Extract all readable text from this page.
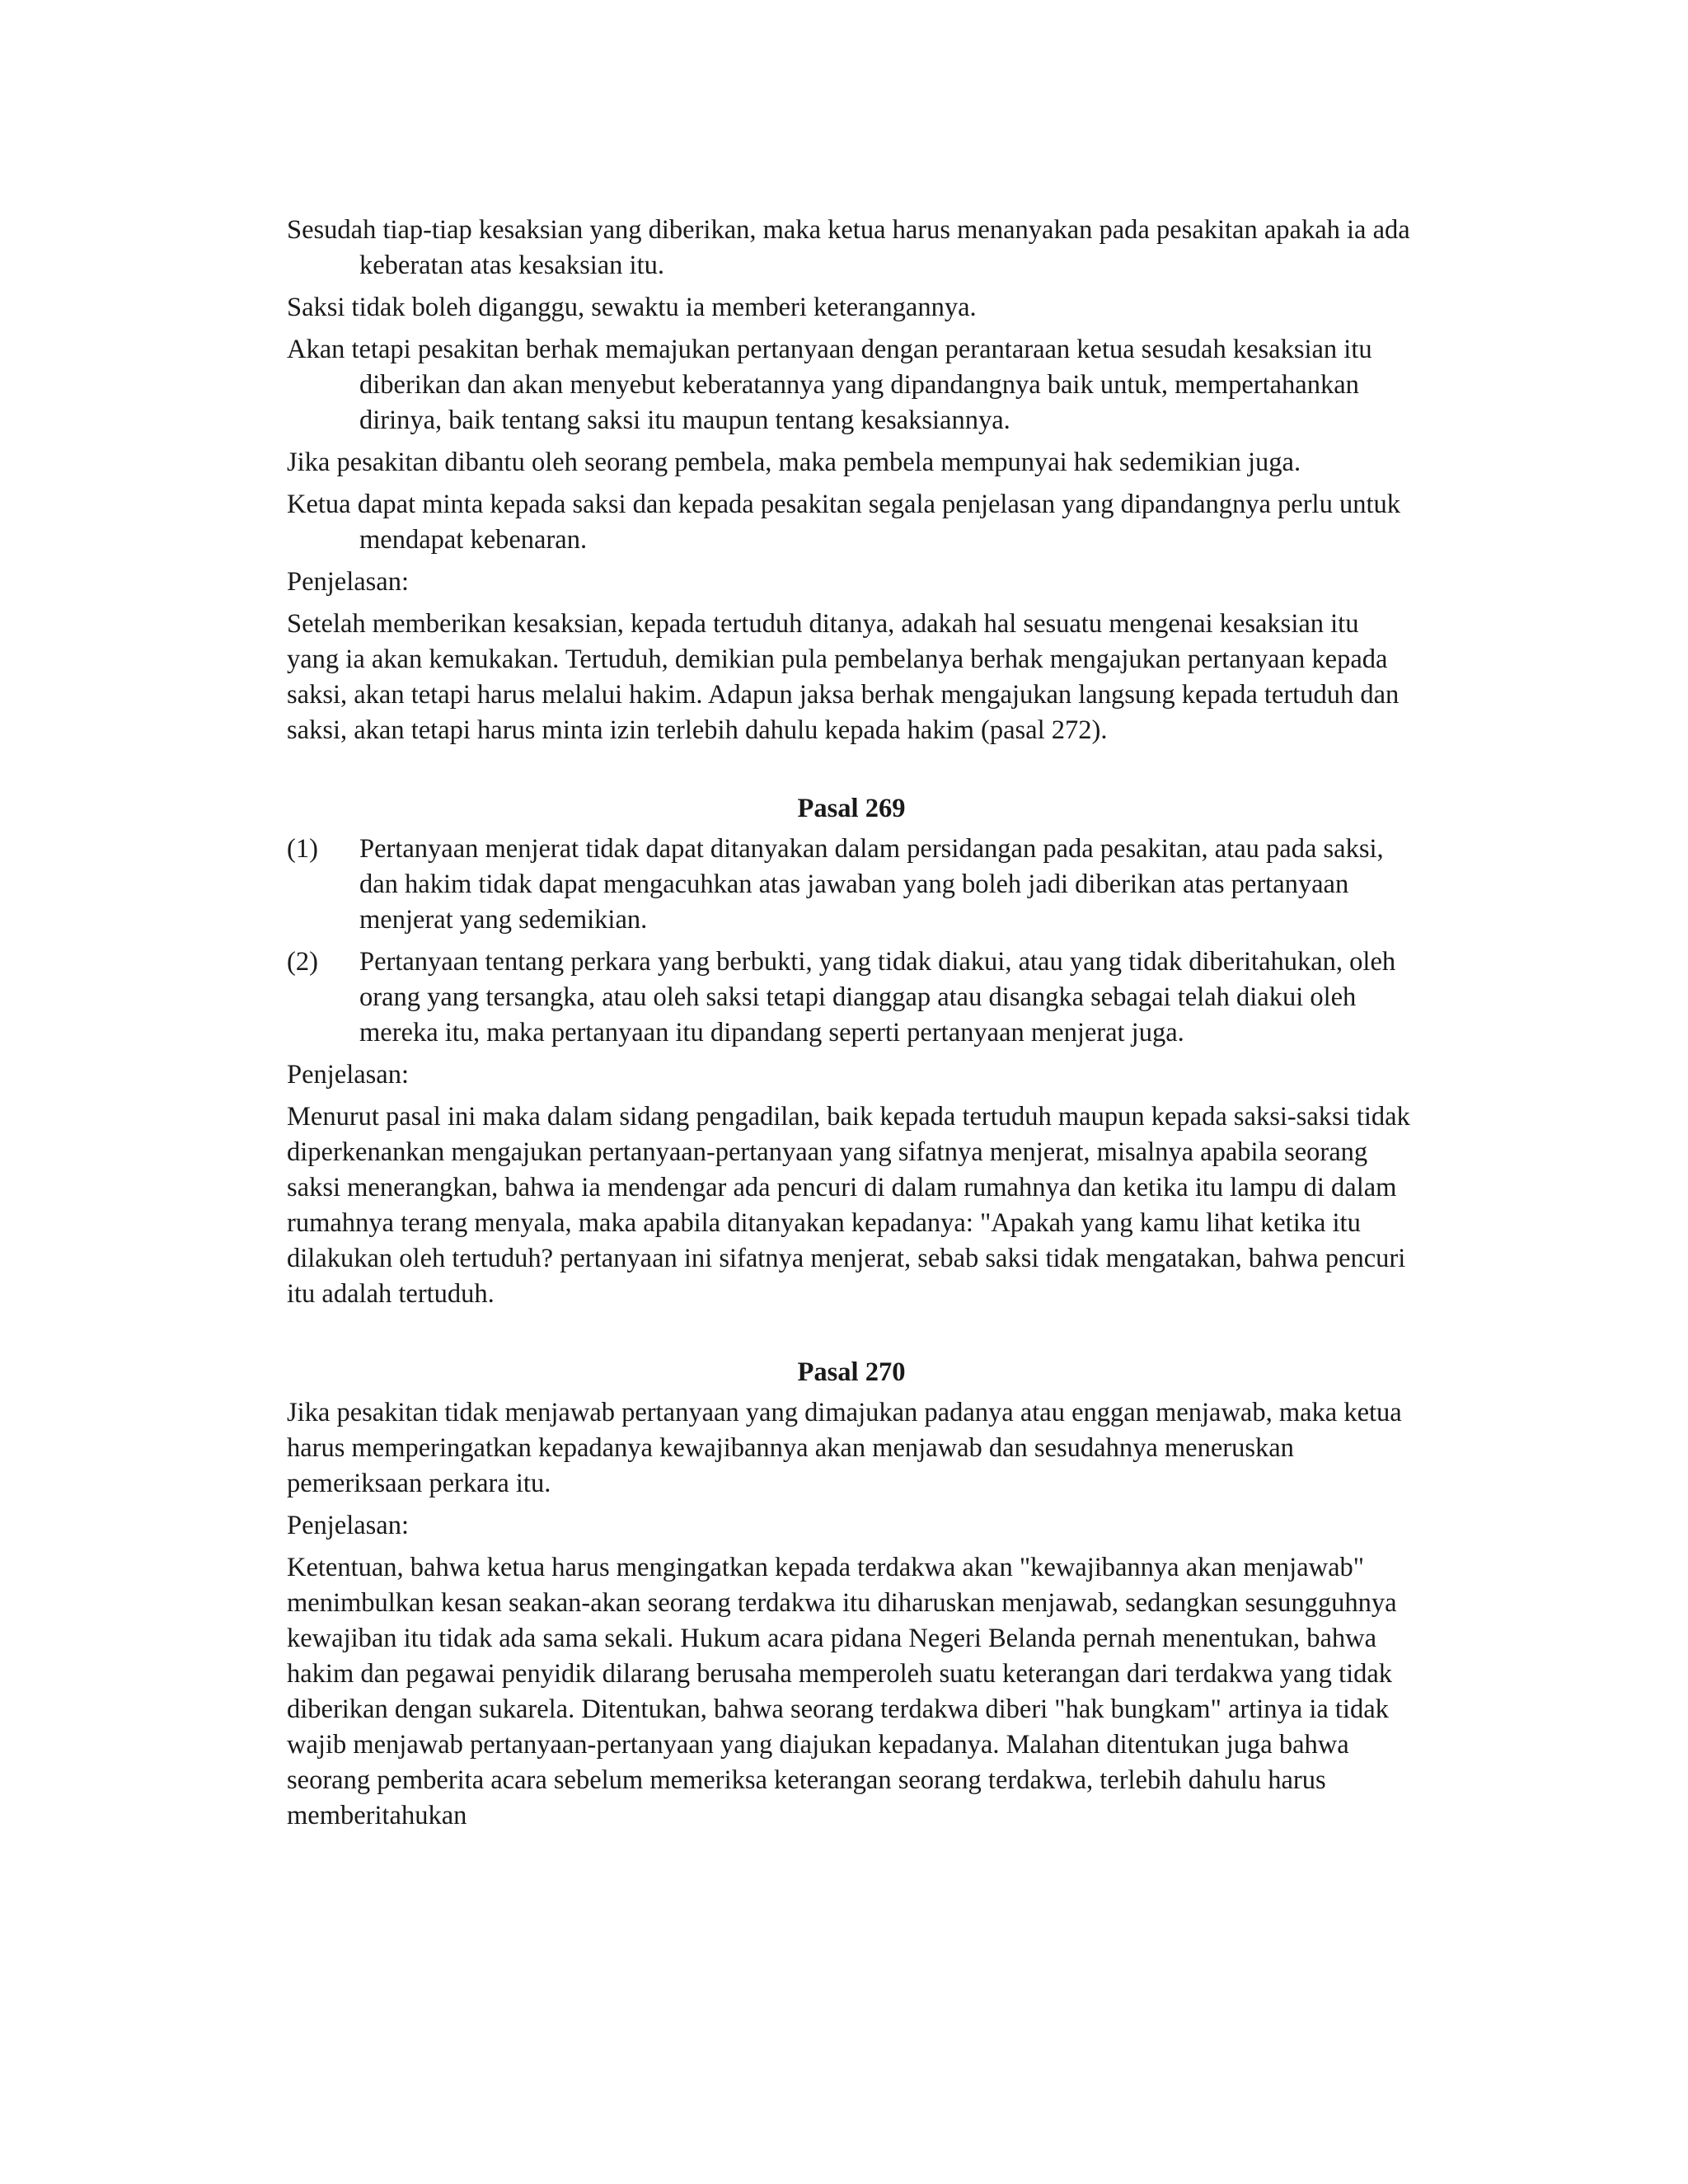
Sesudah tiap-tiap kesaksian yang diberikan, maka ketua harus menanyakan pada pesakitan apakah ia ada keberatan atas kesaksian itu.

Saksi tidak boleh diganggu, sewaktu ia memberi keterangannya.

Akan tetapi pesakitan berhak memajukan pertanyaan dengan perantaraan ketua sesudah kesaksian itu diberikan dan akan menyebut keberatannya yang dipandangnya baik untuk, mempertahankan dirinya, baik tentang saksi itu maupun tentang kesaksiannya.

Jika pesakitan dibantu oleh seorang pembela, maka pembela mempunyai hak sedemikian juga.

Ketua dapat minta kepada saksi dan kepada pesakitan segala penjelasan yang dipandangnya perlu untuk mendapat kebenaran.

Penjelasan:

Setelah memberikan kesaksian, kepada tertuduh ditanya, adakah hal sesuatu mengenai kesaksian itu yang ia akan kemukakan. Tertuduh, demikian pula pembelanya berhak mengajukan pertanyaan kepada saksi, akan tetapi harus melalui hakim. Adapun jaksa berhak mengajukan langsung kepada tertuduh dan saksi, akan tetapi harus minta izin terlebih dahulu kepada hakim (pasal 272).

Pasal 269
(1)	Pertanyaan menjerat tidak dapat ditanyakan dalam persidangan pada pesakitan, atau pada saksi, dan hakim tidak dapat mengacuhkan atas jawaban yang boleh jadi diberikan atas pertanyaan menjerat yang sedemikian.
(2)	Pertanyaan tentang perkara yang berbukti, yang tidak diakui, atau yang tidak diberitahukan, oleh orang yang tersangka, atau oleh saksi tetapi dianggap atau disangka sebagai telah diakui oleh mereka itu, maka pertanyaan itu dipandang seperti pertanyaan menjerat juga.

Penjelasan:

Menurut pasal ini maka dalam sidang pengadilan, baik kepada tertuduh maupun kepada saksi-saksi tidak diperkenankan mengajukan pertanyaan-pertanyaan yang sifatnya menjerat, misalnya apabila seorang saksi menerangkan, bahwa ia mendengar ada pencuri di dalam rumahnya dan ketika itu lampu di dalam rumahnya terang menyala, maka apabila ditanyakan kepadanya: "Apakah yang kamu lihat ketika itu dilakukan oleh tertuduh? pertanyaan ini sifatnya menjerat, sebab saksi tidak mengatakan, bahwa pencuri itu adalah tertuduh.

Pasal 270

Jika pesakitan tidak menjawab pertanyaan yang dimajukan padanya atau enggan menjawab, maka ketua harus memperingatkan kepadanya kewajibannya akan menjawab dan sesudahnya meneruskan pemeriksaan perkara itu.

Penjelasan:

Ketentuan, bahwa ketua harus mengingatkan kepada terdakwa akan "kewajibannya akan menjawab" menimbulkan kesan seakan-akan seorang terdakwa itu diharuskan menjawab, sedangkan sesungguhnya kewajiban itu tidak ada sama sekali. Hukum acara pidana Negeri Belanda pernah menentukan, bahwa hakim dan pegawai penyidik dilarang berusaha memperoleh suatu keterangan dari terdakwa yang tidak diberikan dengan sukarela. Ditentukan, bahwa seorang terdakwa diberi "hak bungkam" artinya ia tidak wajib menjawab pertanyaan-pertanyaan yang diajukan kepadanya. Malahan ditentukan juga bahwa seorang pemberita acara sebelum memeriksa keterangan seorang terdakwa, terlebih dahulu harus memberitahukan
